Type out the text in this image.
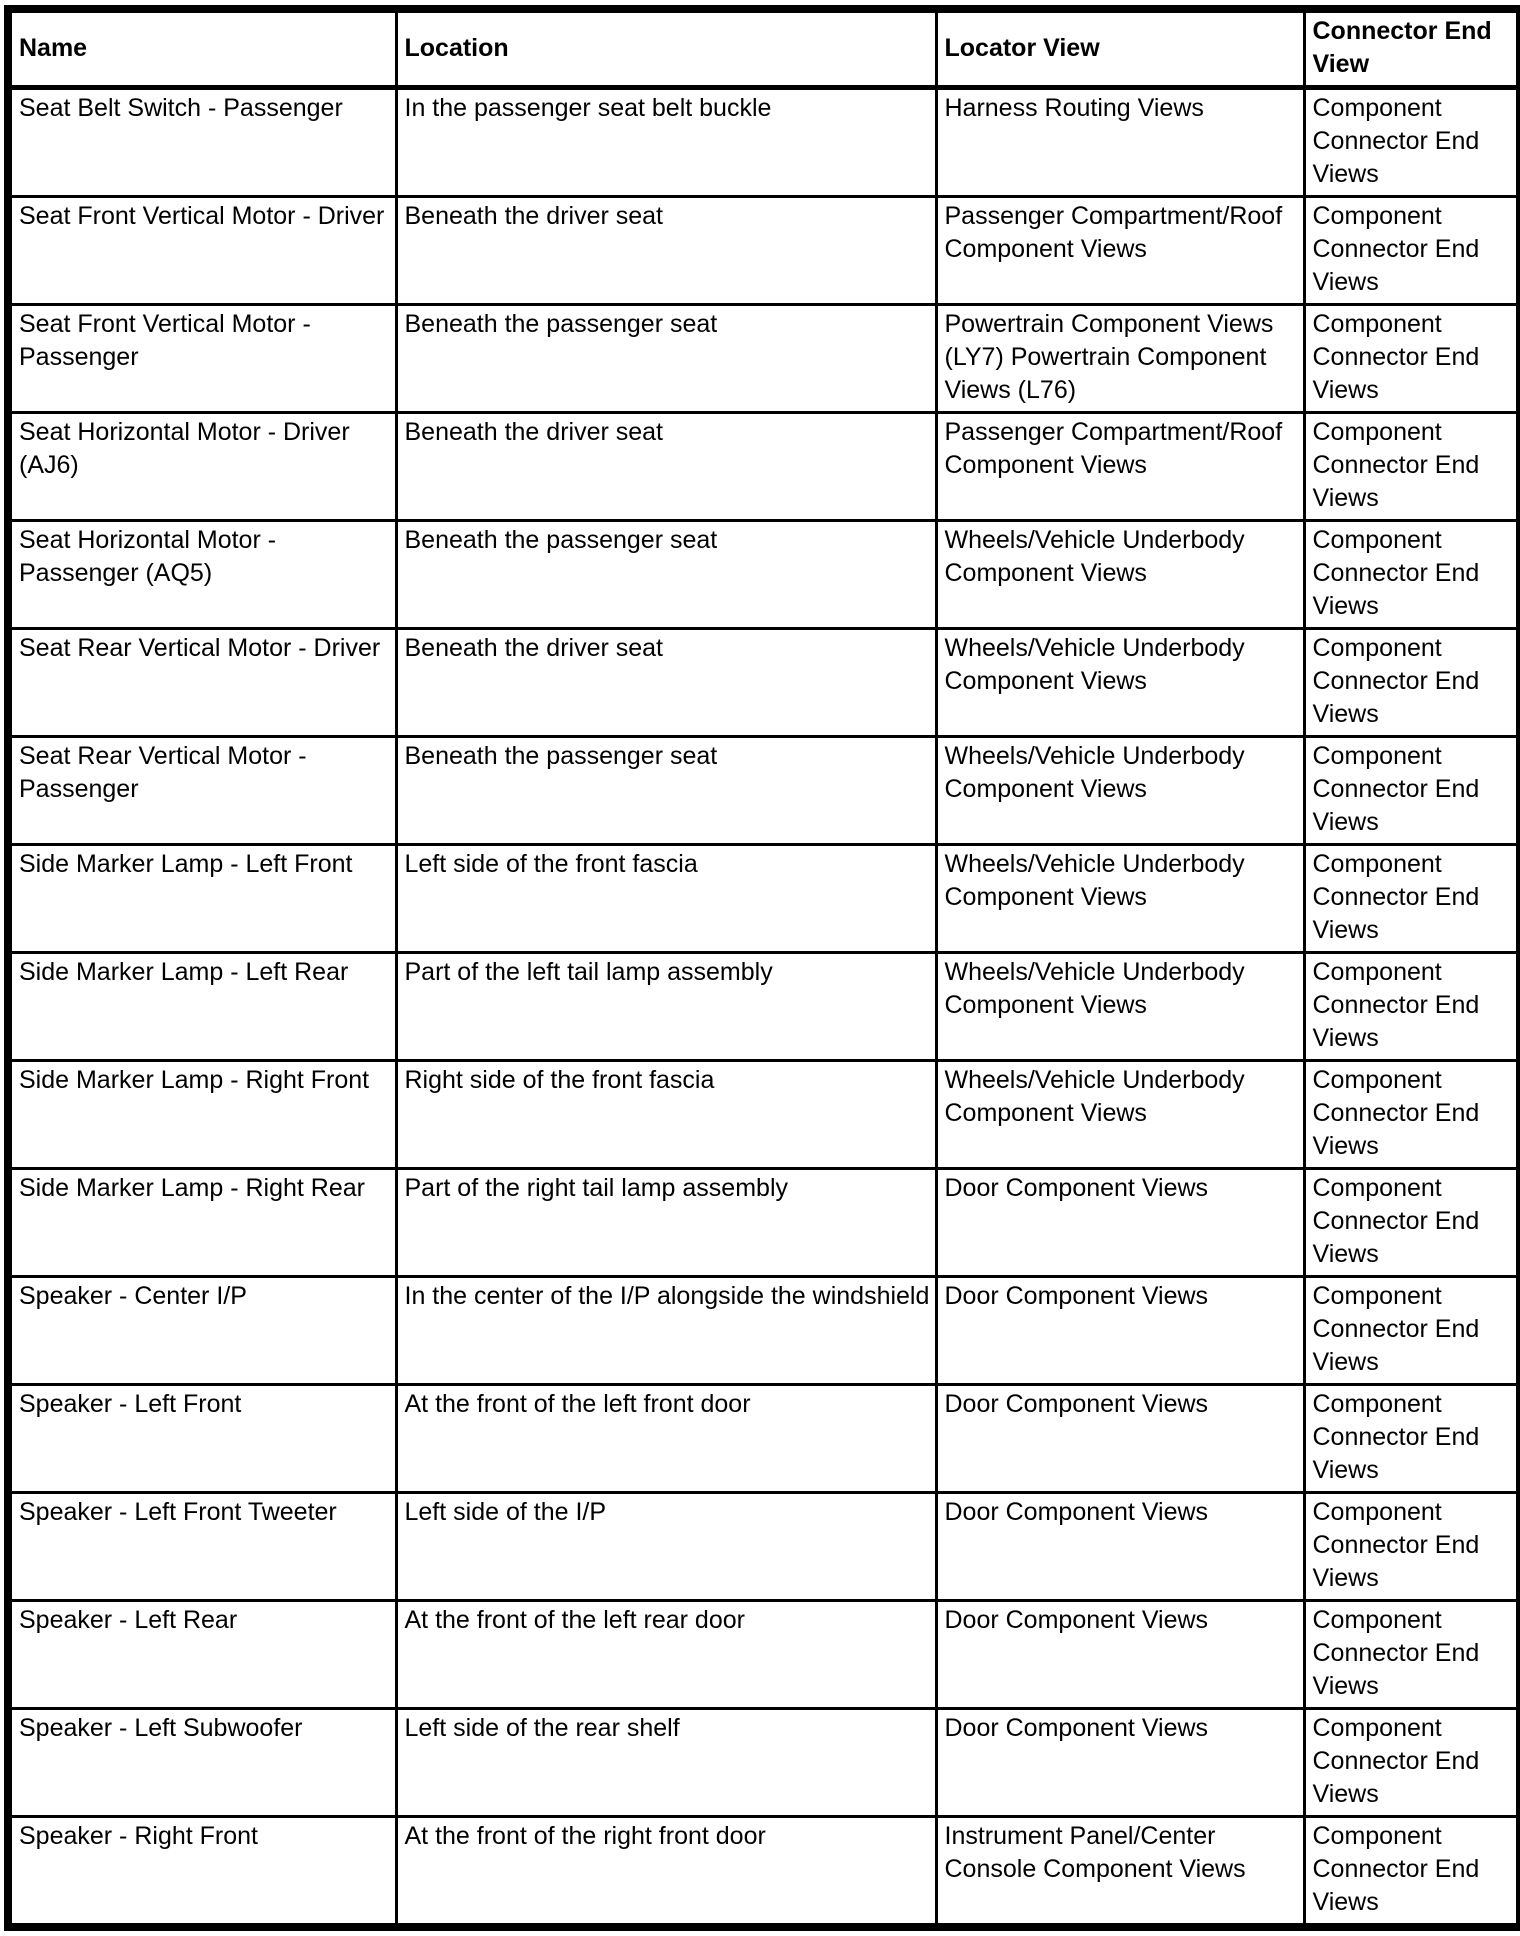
Name	Location	Locator View	Connector End View
Seat Belt Switch - Passenger	In the passenger seat belt buckle	Harness Routing Views	Component Connector End Views
Seat Front Vertical Motor - Driver	Beneath the driver seat	Passenger Compartment/Roof Component Views	Component Connector End Views
Seat Front Vertical Motor - Passenger	Beneath the passenger seat	Powertrain Component Views (LY7) Powertrain Component Views (L76)	Component Connector End Views
Seat Horizontal Motor - Driver (AJ6)	Beneath the driver seat	Passenger Compartment/Roof Component Views	Component Connector End Views
Seat Horizontal Motor - Passenger (AQ5)	Beneath the passenger seat	Wheels/Vehicle Underbody Component Views	Component Connector End Views
Seat Rear Vertical Motor - Driver	Beneath the driver seat	Wheels/Vehicle Underbody Component Views	Component Connector End Views
Seat Rear Vertical Motor - Passenger	Beneath the passenger seat	Wheels/Vehicle Underbody Component Views	Component Connector End Views
Side Marker Lamp - Left Front	Left side of the front fascia	Wheels/Vehicle Underbody Component Views	Component Connector End Views
Side Marker Lamp - Left Rear	Part of the left tail lamp assembly	Wheels/Vehicle Underbody Component Views	Component Connector End Views
Side Marker Lamp - Right Front	Right side of the front fascia	Wheels/Vehicle Underbody Component Views	Component Connector End Views
Side Marker Lamp - Right Rear	Part of the right tail lamp assembly	Door Component Views	Component Connector End Views
Speaker - Center I/P	In the center of the I/P alongside the windshield	Door Component Views	Component Connector End Views
Speaker - Left Front	At the front of the left front door	Door Component Views	Component Connector End Views
Speaker - Left Front Tweeter	Left side of the I/P	Door Component Views	Component Connector End Views
Speaker - Left Rear	At the front of the left rear door	Door Component Views	Component Connector End Views
Speaker - Left Subwoofer	Left side of the rear shelf	Door Component Views	Component Connector End Views
Speaker - Right Front	At the front of the right front door	Instrument Panel/Center Console Component Views	Component Connector End Views
